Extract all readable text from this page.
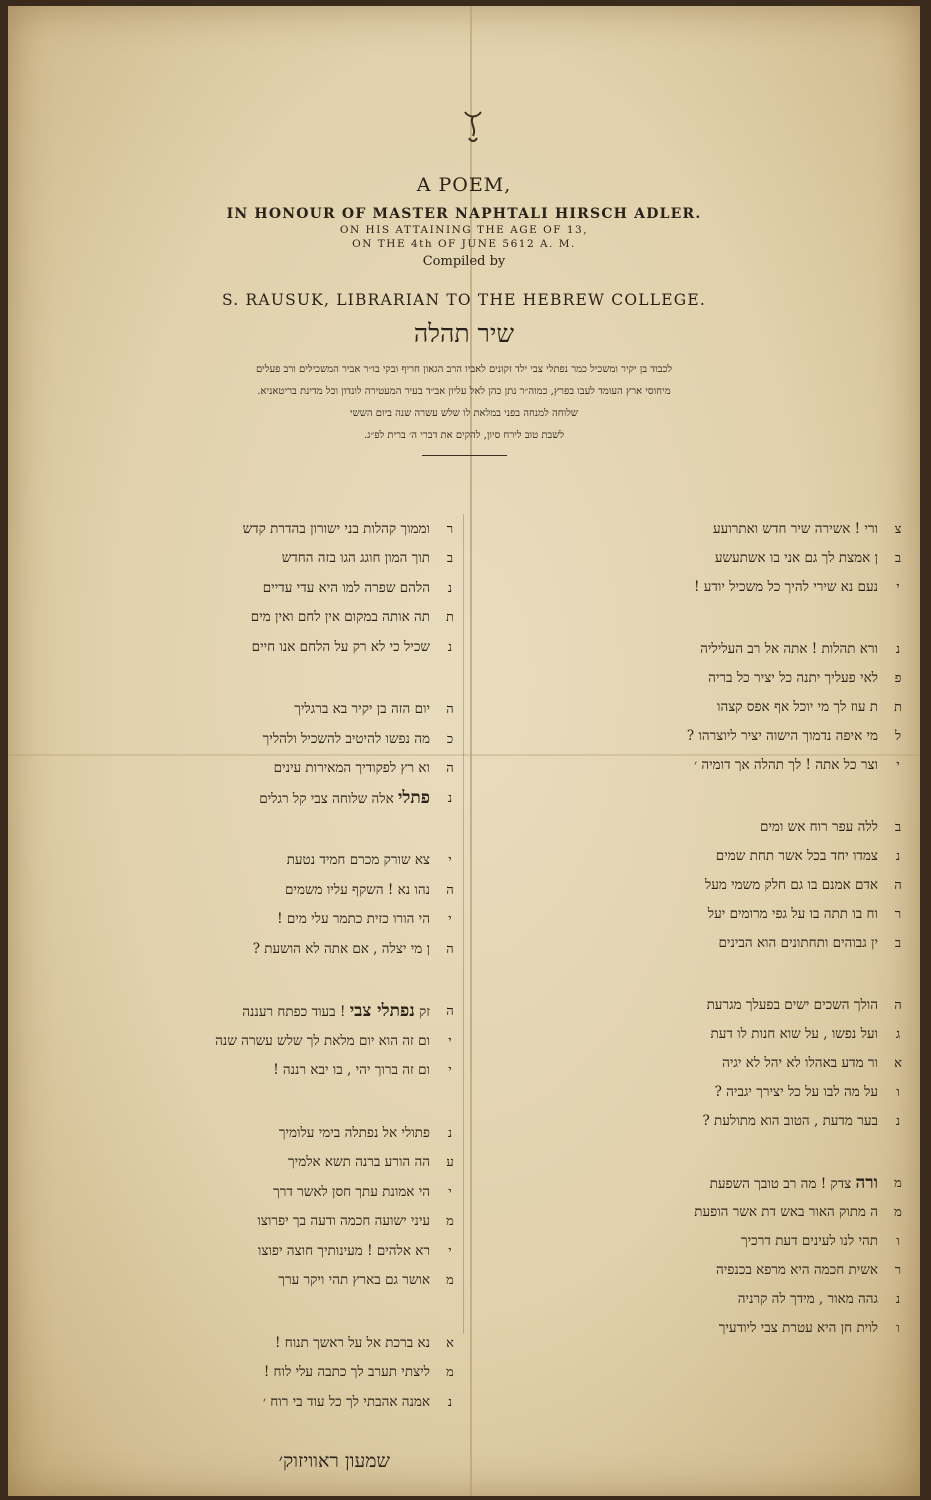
A POEM,
IN HONOUR OF MASTER NAPHTALI HIRSCH ADLER.
ON HIS ATTAINING THE AGE OF 13,
ON THE 4th OF JUNE 5612 A. M.
Compiled by
S. RAUSUK, LIBRARIAN TO THE HEBREW COLLEGE.
שיר תהלה
לכבוד בן יקיר ומשכיל כמר נפתלי צבי ילד זקונים לאביו הרב הגאון חריף ובקי בו״ר אביר המשכילים ורב פעלים
מיחוסי ארץ העומד לעבו בפרץ, כמוה״ר נתן כהן לאל עליון אב״ד בעיר המעטירה לונדון וכל מדינת בריטאניא.
שלוחה למנחה בפני במלאת לו שלש עשרה שנה ביום הששי
לשבת טוב לירח סיון, להקים את דברי ה׳ ברית לפ״ג.
צ
ורי ! אשירה שיר חדש ואתרועע
ב
ן אמצת לך גם אני בו אשתעשע
י
נעם נא שירי להיך כל משכיל יודע !
נ
ורא תהלות ! אתה אל רב העליליה
פ
לאי פעליך יתנה כל יציר כל בריה
ת
ת עוז לך מי יוכל אף אפס קצהו
ל
מי איפה נדמוך הישוה יציר ליוצרהו ?
י
וצר כל אתה ! לך תהלה אך דומיה ׳
ב
ללה עפר רוח אש ומים
נ
צמדו יחד בכל אשר תחת שמים
ה
אדם אמנם בו גם חלק משמי מעל
ר
וח בו תתה בו על גפי מרומים יעל
ב
ין גבוהים ותחתונים הוא הבינים
ה
הולך השכים ישים בפעלך מגרעת
ג
ועל נפשו , על שוא חנות לו דעת
א
ור מדע באהלו לא יהל לא יגיה
ו
על מה לבו על כל יצירך יגביה ?
נ
בער מדעת , הטוב הוא מתולעת ?
מ
ורה צדק ! מה רב טובך השפעת
מ
ה מתוק האור באש דת אשר הופעת
ו
תהי לנו לעינים דעת דרכיך
ר
אשית חכמה היא מרפא בכנפיה
נ
גהה מאור , מידך לה קרניה
ו
לוית חן היא עטרת צבי ליודעיך
ר
וממוך קהלות בני ישורון בהדרת קדש
ב
תוך המון חוגג הגו בזה החדש
נ
הלהם שפרה למו היא עדי עדיים
ת
תה אותה במקום אין לחם ואין מים
נ
שכיל כי לא רק על הלחם אנו חיים
ה
יום הזה בן יקיר בא ברגליך
כ
מה נפשו להיטיב להשכיל ולהליך
ה
וא רץ לפקודיך המאירות עינים
נ
פתלי אלה שלוחה צבי קל רגלים
י
צא שורק מכרם חמיד נטעת
ה
נהו נא ! השקף עליו משמים
י
הי הורו כזית כתמר עלי מים !
ה
ן מי יצלה , אם אתה לא הושעת ?
ה
זק נפתלי צבי ! בעוד כפתח רעננה
י
ום זה הוא יום מלאת לך שלש עשרה שנה
י
ום זה ברוך יהי , בו יבא רננה !
נ
פתולי אל נפתלה בימי עלומיך
ע
הה הורע ברנה תשא אלמיך
י
הי אמונת עתך חסן לאשר דרך
מ
עיני ישועה חכמה ודעה בך יפרוצו
י
רא אלהים ! מעינותיך חוצה יפוצו
מ
אושר גם בארץ תהי ויקר ערך
א
נא ברכת אל על ראשך תנוח !
מ
ליצתי תערב לך כתבה עלי לוח !
נ
אמנה אהבתי לך כל עוד בי רוח ׳
שמעון ראוויזוק׳
